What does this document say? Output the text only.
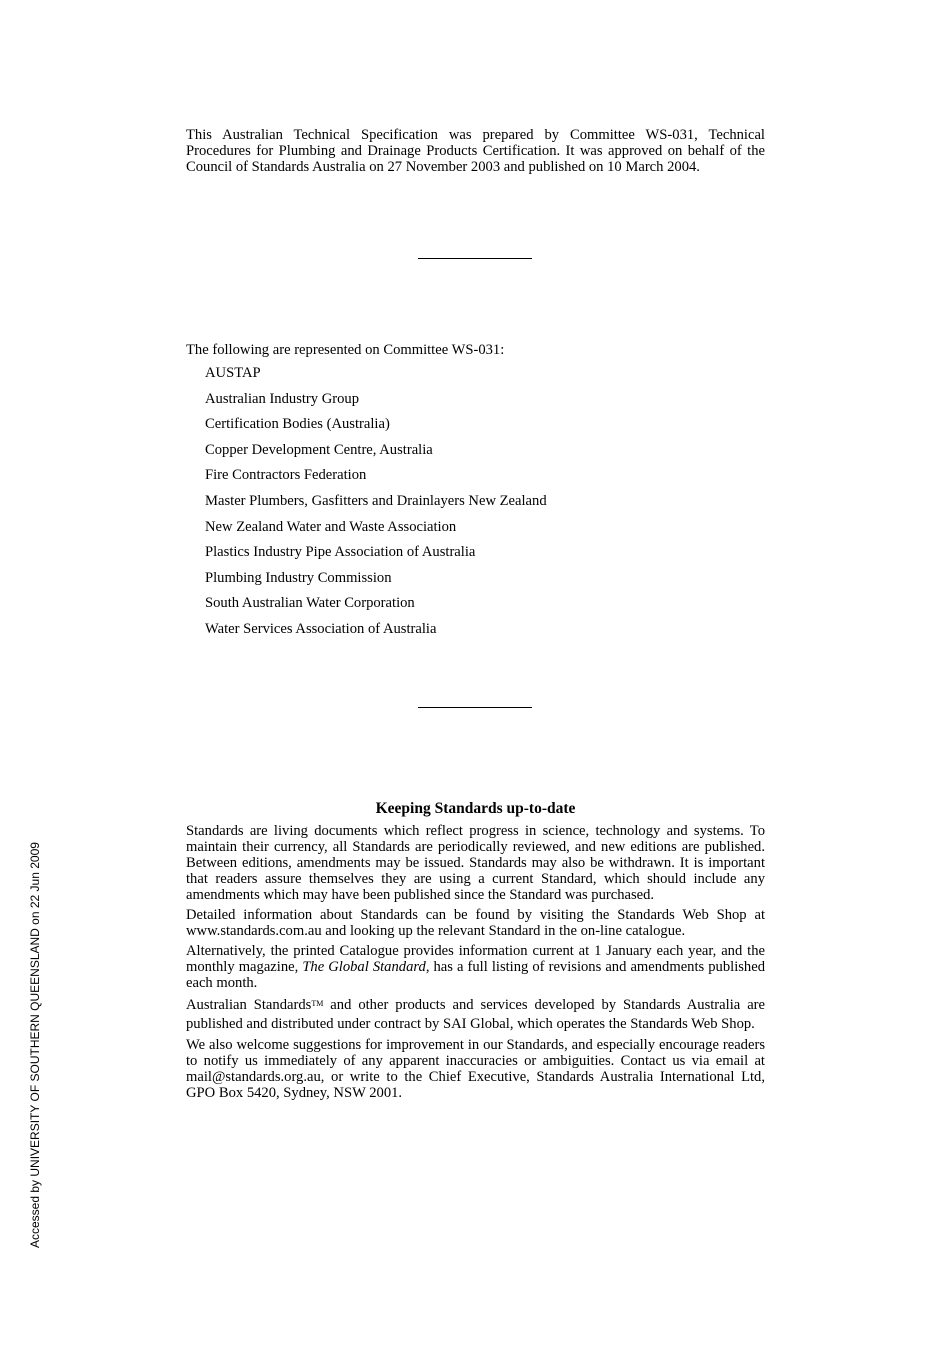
This Australian Technical Specification was prepared by Committee WS-031, Technical Procedures for Plumbing and Drainage Products Certification. It was approved on behalf of the Council of Standards Australia on 27 November 2003 and published on 10 March 2004.

The following are represented on Committee WS-031:

AUSTAP
Australian Industry Group
Certification Bodies (Australia)
Copper Development Centre, Australia
Fire Contractors Federation
Master Plumbers, Gasfitters and Drainlayers New Zealand
New Zealand Water and Waste Association
Plastics Industry Pipe Association of Australia
Plumbing Industry Commission
South Australian Water Corporation
Water Services Association of Australia
Keeping Standards up-to-date

Standards are living documents which reflect progress in science, technology and systems. To maintain their currency, all Standards are periodically reviewed, and new editions are published. Between editions, amendments may be issued. Standards may also be withdrawn. It is important that readers assure themselves they are using a current Standard, which should include any amendments which may have been published since the Standard was purchased.

Detailed information about Standards can be found by visiting the Standards Web Shop at www.standards.com.au and looking up the relevant Standard in the on-line catalogue.

Alternatively, the printed Catalogue provides information current at 1 January each year, and the monthly magazine, The Global Standard, has a full listing of revisions and amendments published each month.

Australian Standards™ and other products and services developed by Standards Australia are published and distributed under contract by SAI Global, which operates the Standards Web Shop.

We also welcome suggestions for improvement in our Standards, and especially encourage readers to notify us immediately of any apparent inaccuracies or ambiguities. Contact us via email at mail@standards.org.au, or write to the Chief Executive, Standards Australia International Ltd, GPO Box 5420, Sydney, NSW 2001.

Accessed by UNIVERSITY OF SOUTHERN QUEENSLAND on 22 Jun 2009
